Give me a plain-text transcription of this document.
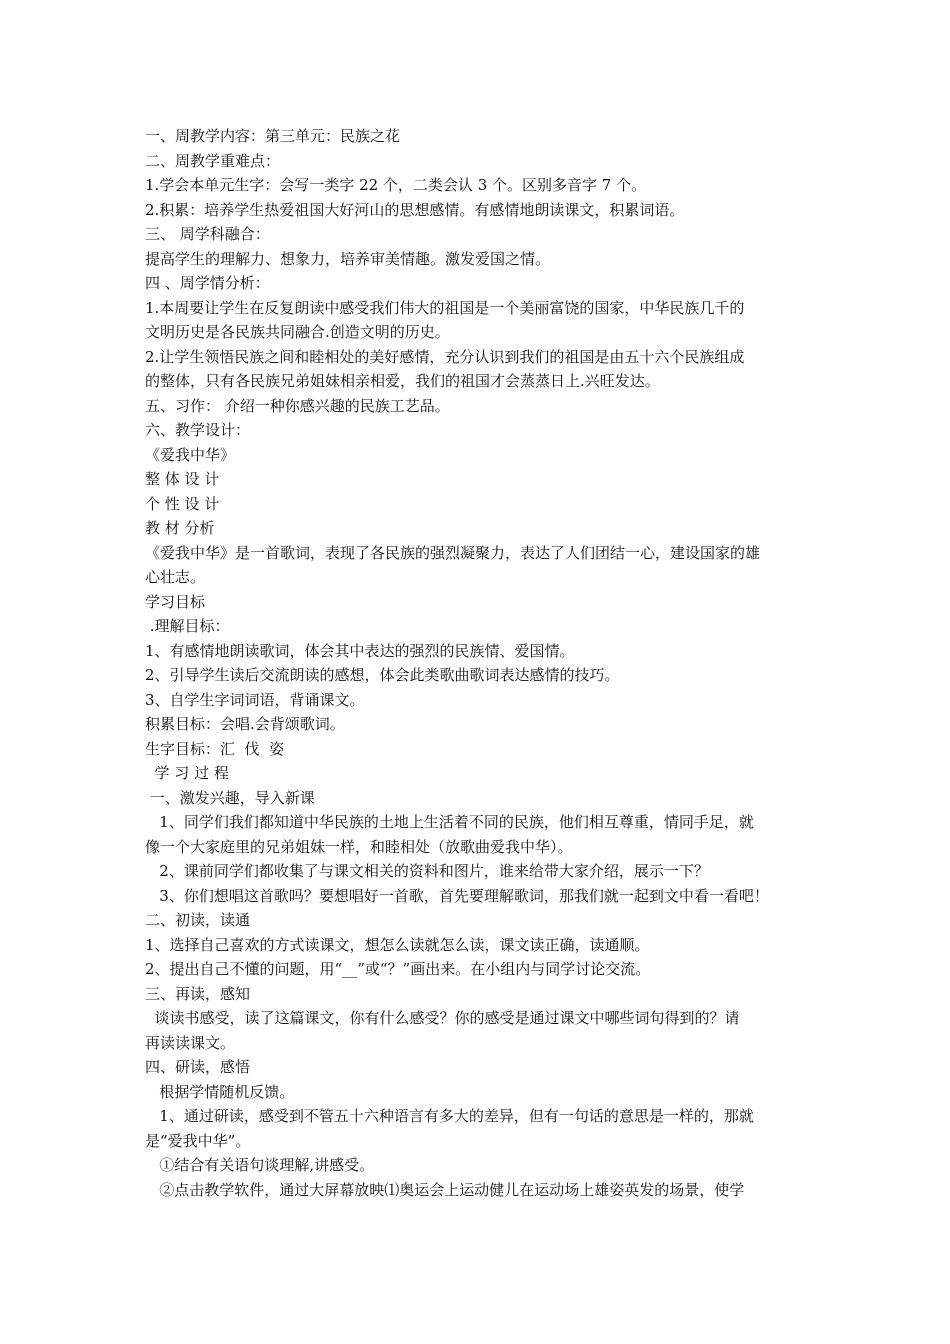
一、周教学内容：第三单元：民族之花
二、周教学重难点：
1.学会本单元生字：会写一类字 22 个，二类会认 3 个。区别多音字 7 个。
2.积累：培养学生热爱祖国大好河山的思想感情。有感情地朗读课文，积累词语。
三、 周学科融合：
提高学生的理解力、想象力，培养审美情趣。激发爱国之情。
四 、周学情分析：
1.本周要让学生在反复朗读中感受我们伟大的祖国是一个美丽富饶的国家，中华民族几千的
文明历史是各民族共同融合.创造文明的历史。
2.让学生领悟民族之间和睦相处的美好感情，充分认识到我们的祖国是由五十六个民族组成
的整体，只有各民族兄弟姐妹相亲相爱，我们的祖国才会蒸蒸日上.兴旺发达。
五、习作： 介绍一种你感兴趣的民族工艺品。
六、教学设计：
《爱我中华》
整 体 设 计
个 性 设 计
教 材 分析
《爱我中华》是一首歌词，表现了各民族的强烈凝聚力，表达了人们团结一心，建设国家的雄
心壮志。
学习目标
.理解目标：
1、有感情地朗读歌词，体会其中表达的强烈的民族情、爱国情。
2、引导学生读后交流朗读的感想，体会此类歌曲歌词表达感情的技巧。
3、自学生字词词语，背诵课文。
积累目标：会唱.会背颂歌词。
生字目标：汇  伐  姿
学 习 过 程
一、激发兴趣，导入新课
1、同学们我们都知道中华民族的土地上生活着不同的民族，他们相互尊重，情同手足，就
像一个大家庭里的兄弟姐妹一样，和睦相处（放歌曲爱我中华）。
2、课前同学们都收集了与课文相关的资料和图片，谁来给带大家介绍，展示一下？
3、你们想唱这首歌吗？要想唱好一首歌，首先要理解歌词，那我们就一起到文中看一看吧！
二、初读，读通
1、选择自己喜欢的方式读课文，想怎么读就怎么读，课文读正确，读通顺。
2、提出自己不懂的问题，用“__”或“？”画出来。在小组内与同学讨论交流。
三、再读，感知
谈读书感受，读了这篇课文，你有什么感受？你的感受是通过课文中哪些词句得到的？请
再读读课文。
四、研读，感悟
根据学情随机反馈。
1、通过研读，感受到不管五十六种语言有多大的差异，但有一句话的意思是一样的，那就
是“爱我中华”。
①结合有关语句谈理解,讲感受。
②点击教学软件，通过大屏幕放映⑴奥运会上运动健儿在运动场上雄姿英发的场景，使学
